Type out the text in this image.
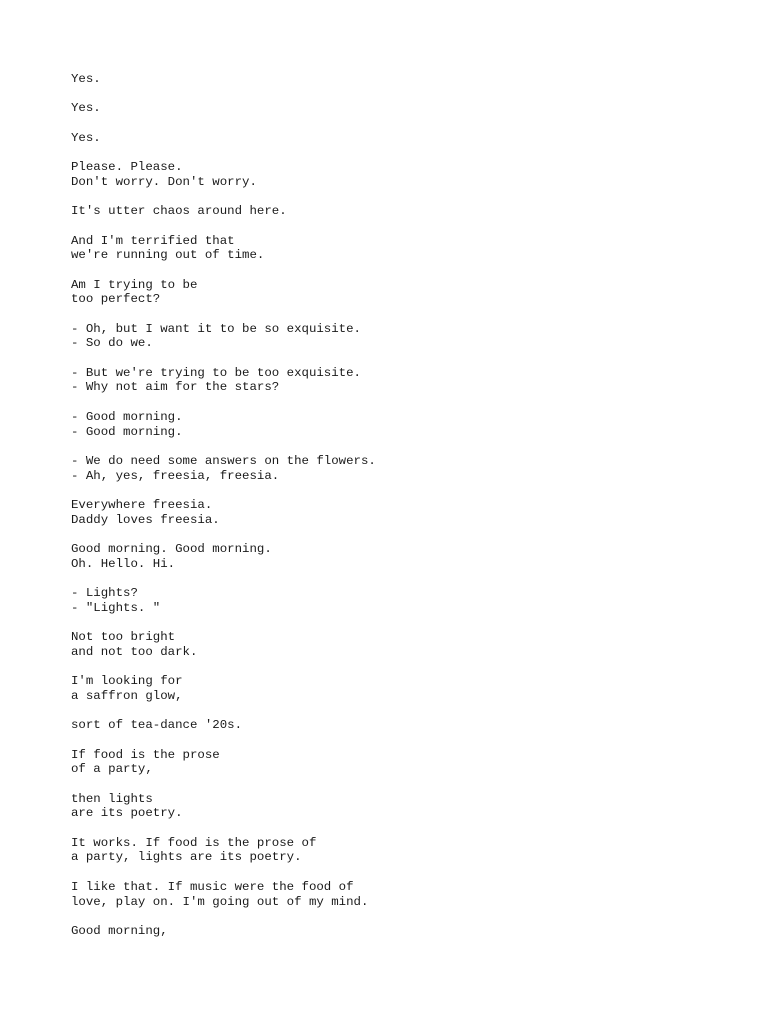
Yes.
Yes.
Yes.
Please. Please.
Don't worry. Don't worry.
It's utter chaos around here.
And I'm terrified that
we're running out of time.
Am I trying to be
too perfect?
- Oh, but I want it to be so exquisite.
- So do we.
- But we're trying to be too exquisite.
- Why not aim for the stars?
- Good morning.
- Good morning.
- We do need some answers on the flowers.
- Ah, yes, freesia, freesia.
Everywhere freesia.
Daddy loves freesia.
Good morning. Good morning.
Oh. Hello. Hi.
- Lights?
- "Lights. "
Not too bright
and not too dark.
I'm looking for
a saffron glow,
sort of tea-dance '20s.
If food is the prose
of a party,
then lights
are its poetry.
It works. If food is the prose of
a party, lights are its poetry.
I like that. If music were the food of
love, play on. I'm going out of my mind.
Good morning,
